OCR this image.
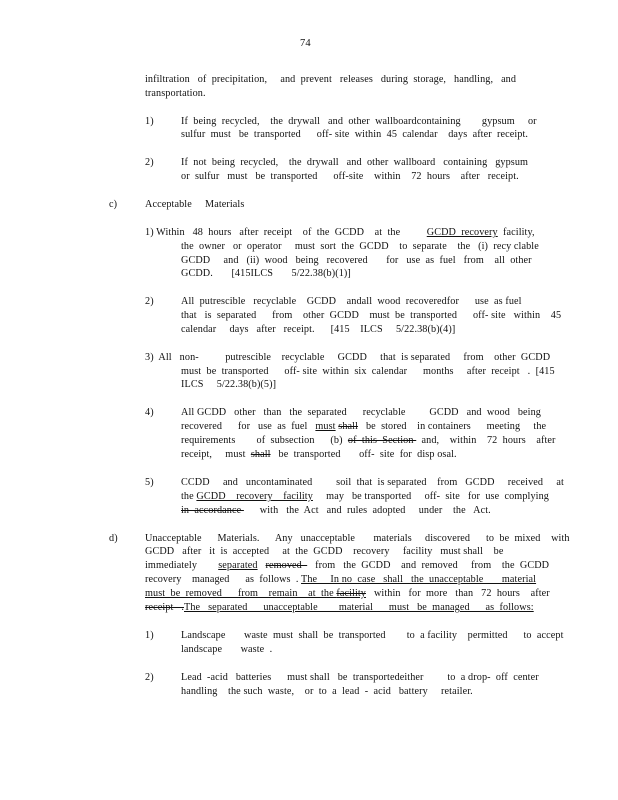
74
infiltration   of  precipitation,     and  prevent   releases   during  storage,   handling,   and
transportation.
1)	If  being  recycled,    the  drywall   and  other  wallboardcontaining        gypsum     or
sulfur  must   be  transported      off- site  within  45  calendar    days  after  receipt.
2)	If  not  being  recycled,    the  drywall   and  other  wallboard   containing   gypsum
or  sulfur   must   be  transported      off-site    within    72  hours    after   receipt.
c)	Acceptable     Materials
1) Within   48  hours   after  receipt    of  the  GCDD    at  the          GCDD  recovery  facility,
the  owner   or  operator     must  sort  the  GCDD    to  separate    the   (i)  recy clable
GCDD     and   (ii)  wood   being   recovered       for   use  as  fuel   from    all  other
GCDD.       [415ILCS       5/22.38(b)(1)]
2)	All  putrescible   recyclable    GCDD    andall  wood  recoveredfor      use  as fuel
that   is  separated      from    other  GCDD    must  be  transported      off- site   within    45
calendar     days   after   receipt.      [415    ILCS     5/22.38(b)(4)]
3)  All   non-          putrescible    recyclable     GCDD     that  is separated     from    other  GCDD
must  be  transported      off- site  within  six  calendar      months     after  receipt   .  [415
ILCS     5/22.38(b)(5)]
4)	All GCDD   other   than   the  separated      recyclable         GCDD   and  wood   being
recovered      for   use  as  fuel   must shall   be  stored    in containers      meeting     the
requirements        of  subsection      (b)  of  this  Section   and,    within    72  hours    after
receipt,     must  shall   be  transported       off-  site  for  disp osal.
5)	CCDD     and   uncontaminated         soil  that  is separated    from   GCDD     received     at
the GCDD    recovery    facility     may   be transported     off-  site   for  use  complying
in  accordance       with   the  Act   and  rules  adopted     under    the   Act.
d)	Unacceptable      Materials.      Any   unacceptable       materials     discovered      to  be  mixed    with
GCDD   after   it  is  accepted     at  the  GCDD    recovery     facility   must shall    be
immediately        separated removed     from   the  GCDD    and  removed     from    the  GCDD
recovery    managed      as  follows  . The     In no  case   shall   the  unacceptable       material
must  be  removed      from    remain    at  the facility   within   for  more   than   72  hours    after
receipt   .The   separated      unacceptable        material      must   be  managed      as  follows:
1)	Landscape       waste  must  shall  be  transported        to  a facility    permitted      to  accept
landscape       waste  .
2)	Lead  -acid   batteries      must shall   be  transportedeither         to  a drop-  off  center
handling    the such  waste,    or  to  a  lead  -  acid   battery     retailer.
